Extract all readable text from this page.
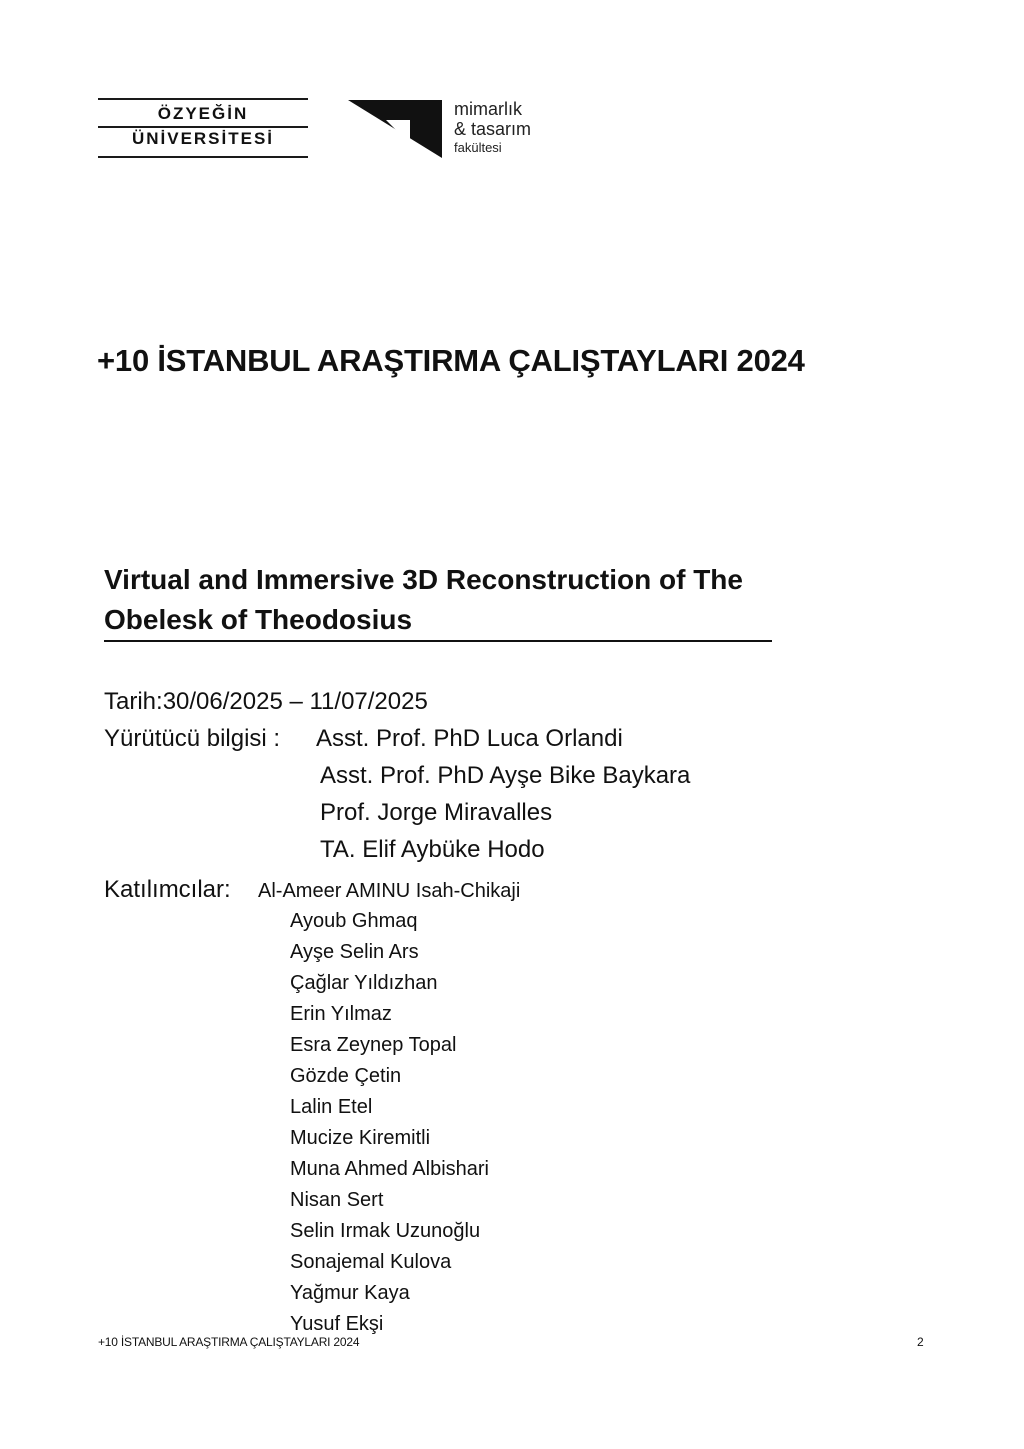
ÖZYEĞİN
ÜNİVERSİTESİ
mimarlık
& tasarım
fakültesi
+10 İSTANBUL ARAŞTIRMA ÇALIŞTAYLARI 2024
Virtual and Immersive 3D Reconstruction of The
Obelesk of Theodosius
Tarih:30/06/2025 – 11/07/2025
Yürütücü bilgisi : Asst. Prof. PhD Luca Orlandi
Asst. Prof. PhD Ayşe Bike Baykara
Prof. Jorge Miravalles
TA. Elif Aybüke Hodo
Katılımcılar: Al-Ameer AMINU Isah-Chikaji
Ayoub Ghmaq
Ayşe Selin Ars
Çağlar Yıldızhan
Erin Yılmaz
Esra Zeynep Topal
Gözde Çetin
Lalin Etel
Mucize Kiremitli
Muna Ahmed Albishari
Nisan Sert
Selin Irmak Uzunoğlu
Sonajemal Kulova
Yağmur Kaya
Yusuf Ekşi
+10 İSTANBUL ARAŞTIRMA ÇALIŞTAYLARI 2024	2
